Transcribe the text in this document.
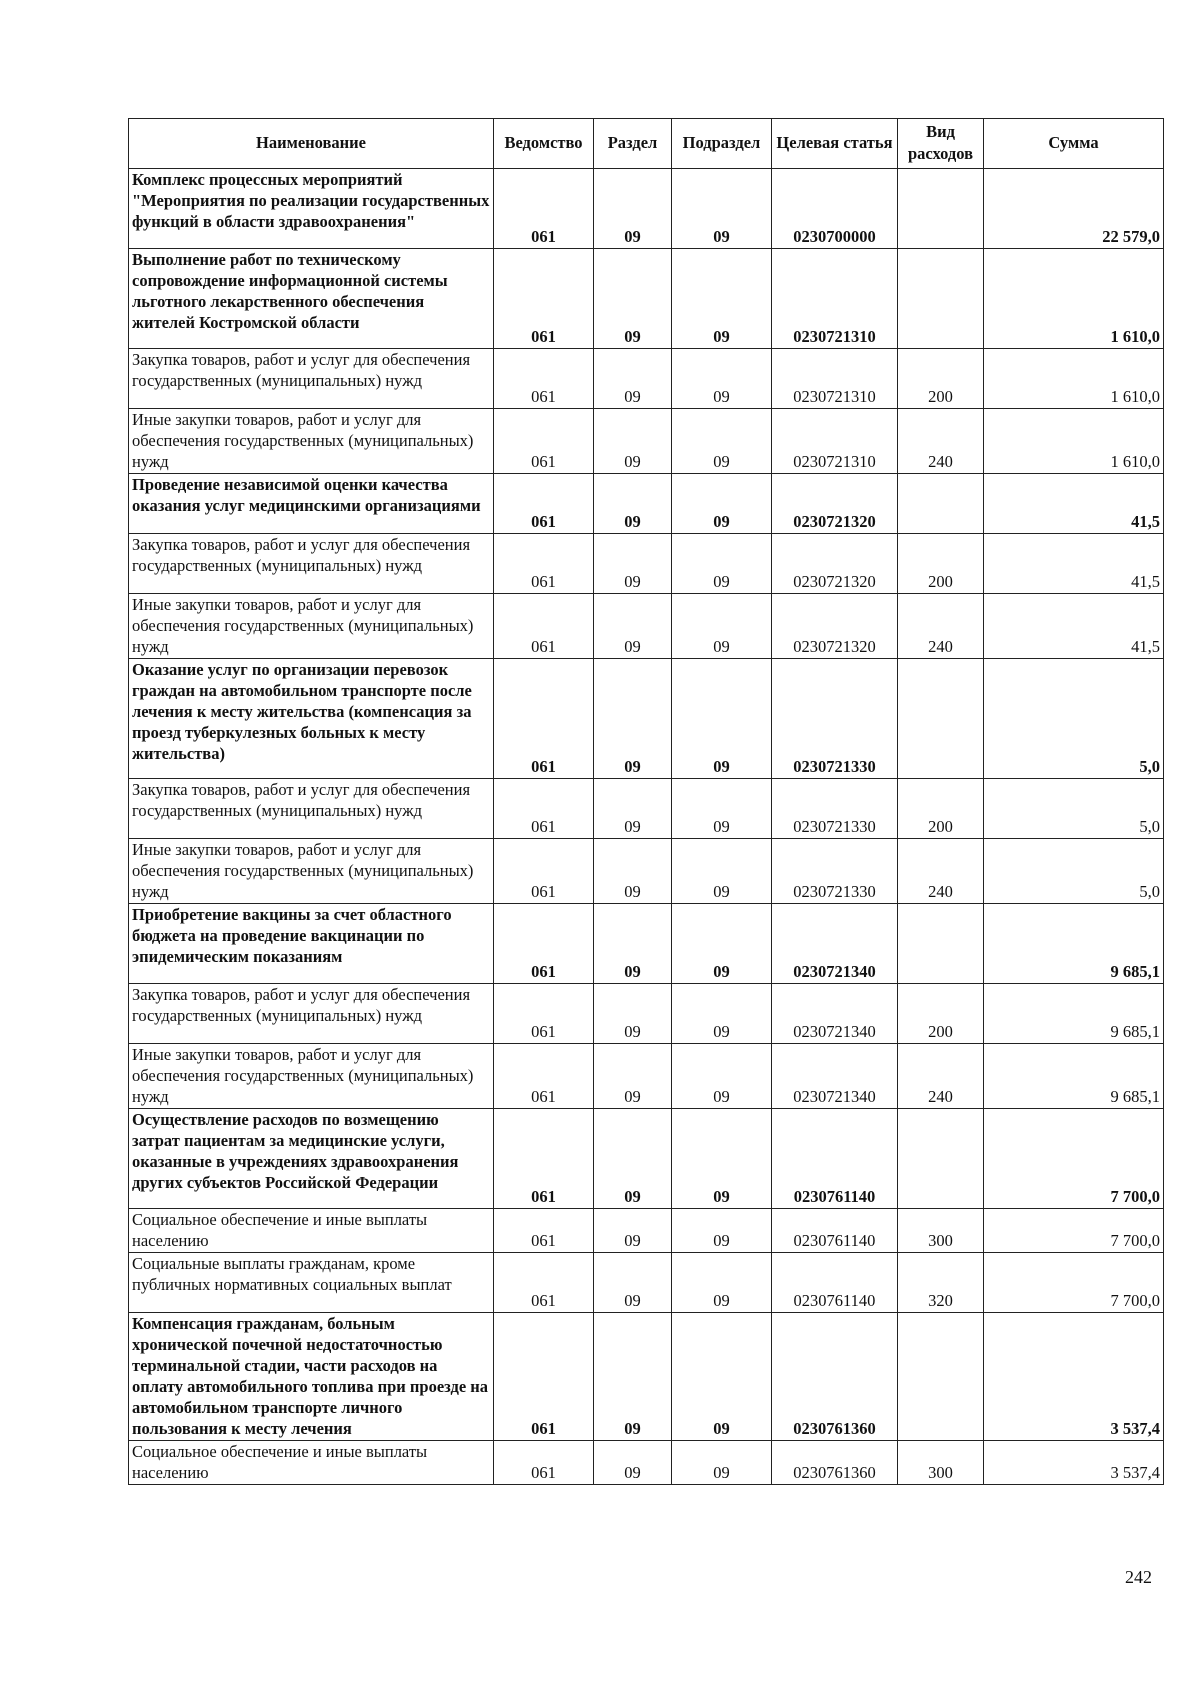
Наименование	Ведомство	Раздел	Подраздел	Целевая статья	Вид расходов	Сумма
Комплекс процессных мероприятий "Мероприятия по реализации государственных функций в области здравоохранения"	061	09	09	0230700000		22 579,0
Выполнение работ по техническому сопровождение информационной системы льготного лекарственного обеспечения жителей Костромской области	061	09	09	0230721310		1 610,0
Закупка товаров, работ и услуг для обеспечения государственных (муниципальных) нужд	061	09	09	0230721310	200	1 610,0
Иные закупки товаров, работ и услуг для обеспечения государственных (муниципальных) нужд	061	09	09	0230721310	240	1 610,0
Проведение независимой оценки качества оказания услуг медицинскими организациями	061	09	09	0230721320		41,5
Закупка товаров, работ и услуг для обеспечения государственных (муниципальных) нужд	061	09	09	0230721320	200	41,5
Иные закупки товаров, работ и услуг для обеспечения государственных (муниципальных) нужд	061	09	09	0230721320	240	41,5
Оказание услуг по организации перевозок граждан на автомобильном транспорте после лечения к месту жительства (компенсация за проезд туберкулезных больных к месту жительства)	061	09	09	0230721330		5,0
Закупка товаров, работ и услуг для обеспечения государственных (муниципальных) нужд	061	09	09	0230721330	200	5,0
Иные закупки товаров, работ и услуг для обеспечения государственных (муниципальных) нужд	061	09	09	0230721330	240	5,0
Приобретение вакцины за счет областного бюджета на проведение вакцинации по эпидемическим показаниям	061	09	09	0230721340		9 685,1
Закупка товаров, работ и услуг для обеспечения государственных (муниципальных) нужд	061	09	09	0230721340	200	9 685,1
Иные закупки товаров, работ и услуг для обеспечения государственных (муниципальных) нужд	061	09	09	0230721340	240	9 685,1
Осуществление расходов по возмещению затрат пациентам за медицинские услуги, оказанные в учреждениях здравоохранения других субъектов Российской Федерации	061	09	09	0230761140		7 700,0
Социальное обеспечение и иные выплаты населению	061	09	09	0230761140	300	7 700,0
Социальные выплаты гражданам, кроме публичных нормативных социальных выплат	061	09	09	0230761140	320	7 700,0
Компенсация гражданам, больным хронической почечной недостаточностью терминальной стадии, части расходов на оплату автомобильного топлива при проезде на автомобильном транспорте личного пользования к месту лечения	061	09	09	0230761360		3 537,4
Социальное обеспечение и иные выплаты населению	061	09	09	0230761360	300	3 537,4
242
